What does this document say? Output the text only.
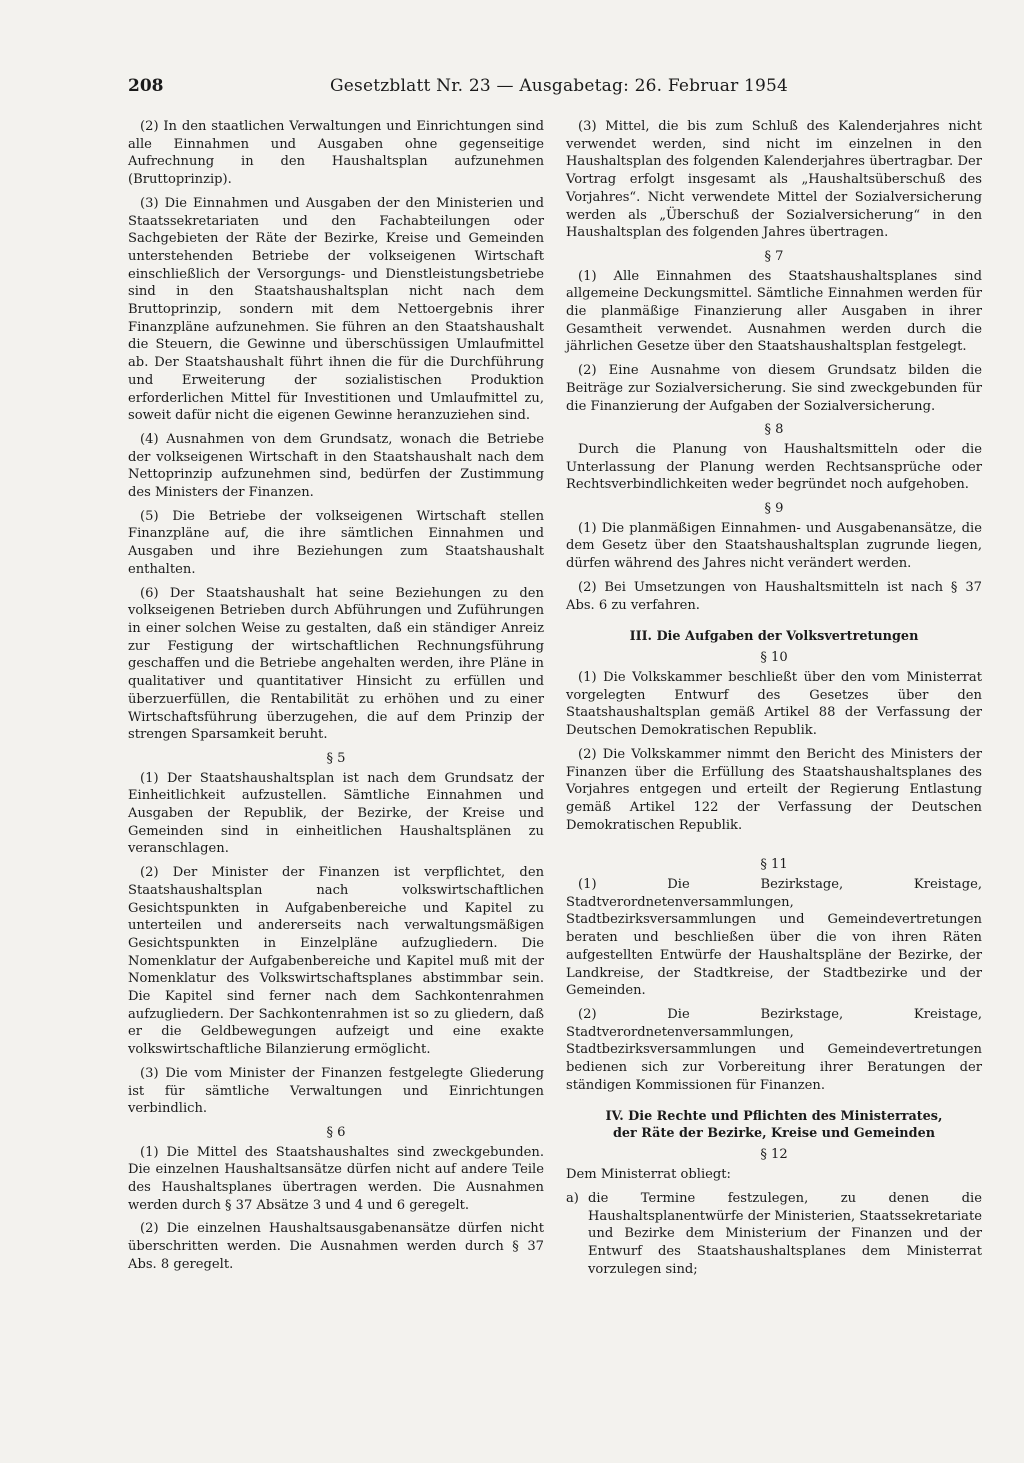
208	Gesetzblatt Nr. 23 — Ausgabetag: 26. Februar 1954

(2) In den staatlichen Verwaltungen und Einrichtungen sind alle Einnahmen und Ausgaben ohne gegenseitige Aufrechnung in den Haushaltsplan aufzunehmen (Bruttoprinzip).

(3) Die Einnahmen und Ausgaben der den Ministerien und Staatssekretariaten und den Fachabteilungen oder Sachgebieten der Räte der Bezirke, Kreise und Gemeinden unterstehenden Betriebe der volkseigenen Wirtschaft einschließlich der Versorgungs- und Dienstleistungsbetriebe sind in den Staatshaushaltsplan nicht nach dem Bruttoprinzip, sondern mit dem Nettoergebnis ihrer Finanzpläne aufzunehmen. Sie führen an den Staatshaushalt die Steuern, die Gewinne und überschüssigen Umlaufmittel ab. Der Staatshaushalt führt ihnen die für die Durchführung und Erweiterung der sozialistischen Produktion erforderlichen Mittel für Investitionen und Umlaufmittel zu, soweit dafür nicht die eigenen Gewinne heranzuziehen sind.

(4) Ausnahmen von dem Grundsatz, wonach die Betriebe der volkseigenen Wirtschaft in den Staatshaushalt nach dem Nettoprinzip aufzunehmen sind, bedürfen der Zustimmung des Ministers der Finanzen.

(5) Die Betriebe der volkseigenen Wirtschaft stellen Finanzpläne auf, die ihre sämtlichen Einnahmen und Ausgaben und ihre Beziehungen zum Staatshaushalt enthalten.

(6) Der Staatshaushalt hat seine Beziehungen zu den volkseigenen Betrieben durch Abführungen und Zuführungen in einer solchen Weise zu gestalten, daß ein ständiger Anreiz zur Festigung der wirtschaftlichen Rechnungsführung geschaffen und die Betriebe angehalten werden, ihre Pläne in qualitativer und quantitativer Hinsicht zu erfüllen und überzuerfüllen, die Rentabilität zu erhöhen und zu einer Wirtschaftsführung überzugehen, die auf dem Prinzip der strengen Sparsamkeit beruht.

§ 5

(1) Der Staatshaushaltsplan ist nach dem Grundsatz der Einheitlichkeit aufzustellen. Sämtliche Einnahmen und Ausgaben der Republik, der Bezirke, der Kreise und Gemeinden sind in einheitlichen Haushaltsplänen zu veranschlagen.

(2) Der Minister der Finanzen ist verpflichtet, den Staatshaushaltsplan nach volkswirtschaftlichen Gesichtspunkten in Aufgabenbereiche und Kapitel zu unterteilen und andererseits nach verwaltungsmäßigen Gesichtspunkten in Einzelpläne aufzugliedern. Die Nomenklatur der Aufgabenbereiche und Kapitel muß mit der Nomenklatur des Volkswirtschaftsplanes abstimmbar sein. Die Kapitel sind ferner nach dem Sachkontenrahmen aufzugliedern. Der Sachkontenrahmen ist so zu gliedern, daß er die Geldbewegungen aufzeigt und eine exakte volkswirtschaftliche Bilanzierung ermöglicht.

(3) Die vom Minister der Finanzen festgelegte Gliederung ist für sämtliche Verwaltungen und Einrichtungen verbindlich.

§ 6

(1) Die Mittel des Staatshaushaltes sind zweckgebunden. Die einzelnen Haushaltsansätze dürfen nicht auf andere Teile des Haushaltsplanes übertragen werden. Die Ausnahmen werden durch § 37 Absätze 3 und 4 und 6 geregelt.

(2) Die einzelnen Haushaltsausgabenansätze dürfen nicht überschritten werden. Die Ausnahmen werden durch § 37 Abs. 8 geregelt.

(3) Mittel, die bis zum Schluß des Kalenderjahres nicht verwendet werden, sind nicht im einzelnen in den Haushaltsplan des folgenden Kalenderjahres übertragbar. Der Vortrag erfolgt insgesamt als „Haushaltsüberschuß des Vorjahres“. Nicht verwendete Mittel der Sozialversicherung werden als „Überschuß der Sozialversicherung“ in den Haushaltsplan des folgenden Jahres übertragen.

§ 7

(1) Alle Einnahmen des Staatshaushaltsplanes sind allgemeine Deckungsmittel. Sämtliche Einnahmen werden für die planmäßige Finanzierung aller Ausgaben in ihrer Gesamtheit verwendet. Ausnahmen werden durch die jährlichen Gesetze über den Staatshaushaltsplan festgelegt.

(2) Eine Ausnahme von diesem Grundsatz bilden die Beiträge zur Sozialversicherung. Sie sind zweckgebunden für die Finanzierung der Aufgaben der Sozialversicherung.

§ 8

Durch die Planung von Haushaltsmitteln oder die Unterlassung der Planung werden Rechtsansprüche oder Rechtsverbindlichkeiten weder begründet noch aufgehoben.

§ 9

(1) Die planmäßigen Einnahmen- und Ausgabenansätze, die dem Gesetz über den Staatshaushaltsplan zugrunde liegen, dürfen während des Jahres nicht verändert werden.

(2) Bei Umsetzungen von Haushaltsmitteln ist nach § 37 Abs. 6 zu verfahren.

III. Die Aufgaben der Volksvertretungen
§ 10

(1) Die Volkskammer beschließt über den vom Ministerrat vorgelegten Entwurf des Gesetzes über den Staatshaushaltsplan gemäß Artikel 88 der Verfassung der Deutschen Demokratischen Republik.

(2) Die Volkskammer nimmt den Bericht des Ministers der Finanzen über die Erfüllung des Staatshaushaltsplanes des Vorjahres entgegen und erteilt der Regierung Entlastung gemäß Artikel 122 der Verfassung der Deutschen Demokratischen Republik.

§ 11

(1) Die Bezirkstage, Kreistage, Stadtverordnetenversammlungen, Stadtbezirksversammlungen und Gemeindevertretungen beraten und beschließen über die von ihren Räten aufgestellten Entwürfe der Haushaltspläne der Bezirke, der Landkreise, der Stadtkreise, der Stadtbezirke und der Gemeinden.

(2) Die Bezirkstage, Kreistage, Stadtverordnetenversammlungen, Stadtbezirksversammlungen und Gemeindevertretungen bedienen sich zur Vorbereitung ihrer Beratungen der ständigen Kommissionen für Finanzen.

IV. Die Rechte und Pflichten des Ministerrates,
der Räte der Bezirke, Kreise und Gemeinden
§ 12

Dem Ministerrat obliegt:

a) die Termine festzulegen, zu denen die Haushaltsplanentwürfe der Ministerien, Staatssekretariate und Bezirke dem Ministerium der Finanzen und der Entwurf des Staatshaushaltsplanes dem Ministerrat vorzulegen sind;
